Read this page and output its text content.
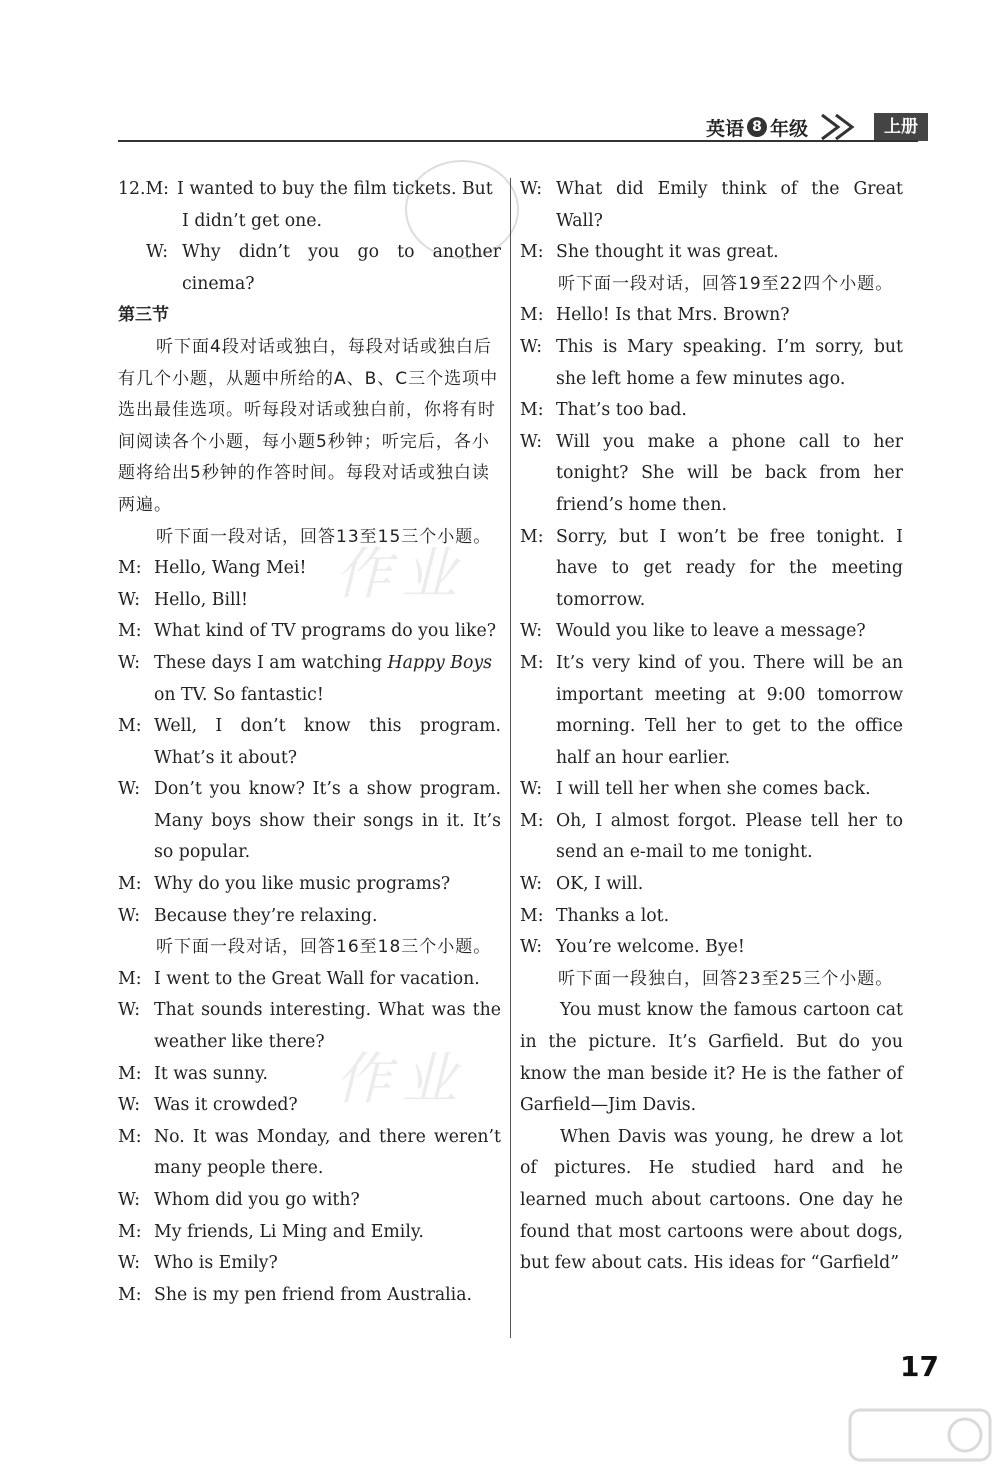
英语 8 年级	上册
作业
作业
12. M: I wanted to buy the film tickets. But
I didn’t get one.
W: Why didn’t you go to another cinema?
第三节
听下面4段对话或独白，每段对话或独白后有几个小题，从题中所给的A、B、C三个选项中选出最佳选项。听每段对话或独白前，你将有时间阅读各个小题，每小题5秒钟；听完后，各小题将给出5秒钟的作答时间。每段对话或独白读两遍。
听下面一段对话，回答13至15三个小题。
M: Hello, Wang Mei!
W: Hello, Bill!
M: What kind of TV programs do you like?
W: These days I am watching Happy Boys
on TV. So fantastic!
M: Well, I don’t know this program. What’s it about?
W: Don’t you know? It’s a show program. Many boys show their songs in it. It’s so popular.
M: Why do you like music programs?
W: Because they’re relaxing.
听下面一段对话，回答16至18三个小题。
M: I went to the Great Wall for vacation.
W: That sounds interesting. What was the weather like there?
M: It was sunny.
W: Was it crowded?
M: No. It was Monday, and there weren’t many people there.
W: Whom did you go with?
M: My friends, Li Ming and Emily.
W: Who is Emily?
M: She is my pen friend from Australia.
W: What did Emily think of the Great Wall?
M: She thought it was great.
听下面一段对话，回答19至22四个小题。
M: Hello! Is that Mrs. Brown?
W: This is Mary speaking. I’m sorry, but she left home a few minutes ago.
M: That’s too bad.
W: Will you make a phone call to her tonight? She will be back from her friend’s home then.
M: Sorry, but I won’t be free tonight. I have to get ready for the meeting tomorrow.
W: Would you like to leave a message?
M: It’s very kind of you. There will be an important meeting at 9:00 tomorrow morning. Tell her to get to the office half an hour earlier.
W: I will tell her when she comes back.
M: Oh, I almost forgot. Please tell her to send an e-mail to me tonight.
W: OK, I will.
M: Thanks a lot.
W: You’re welcome. Bye!
听下面一段独白，回答23至25三个小题。
You must know the famous cartoon cat in the picture. It’s Garfield. But do you know the man beside it? He is the father of Garfield—Jim Davis.
When Davis was young, he drew a lot of pictures. He studied hard and he learned much about cartoons. One day he found that most cartoons were about dogs, but few about cats. His ideas for “Garfield”
17
